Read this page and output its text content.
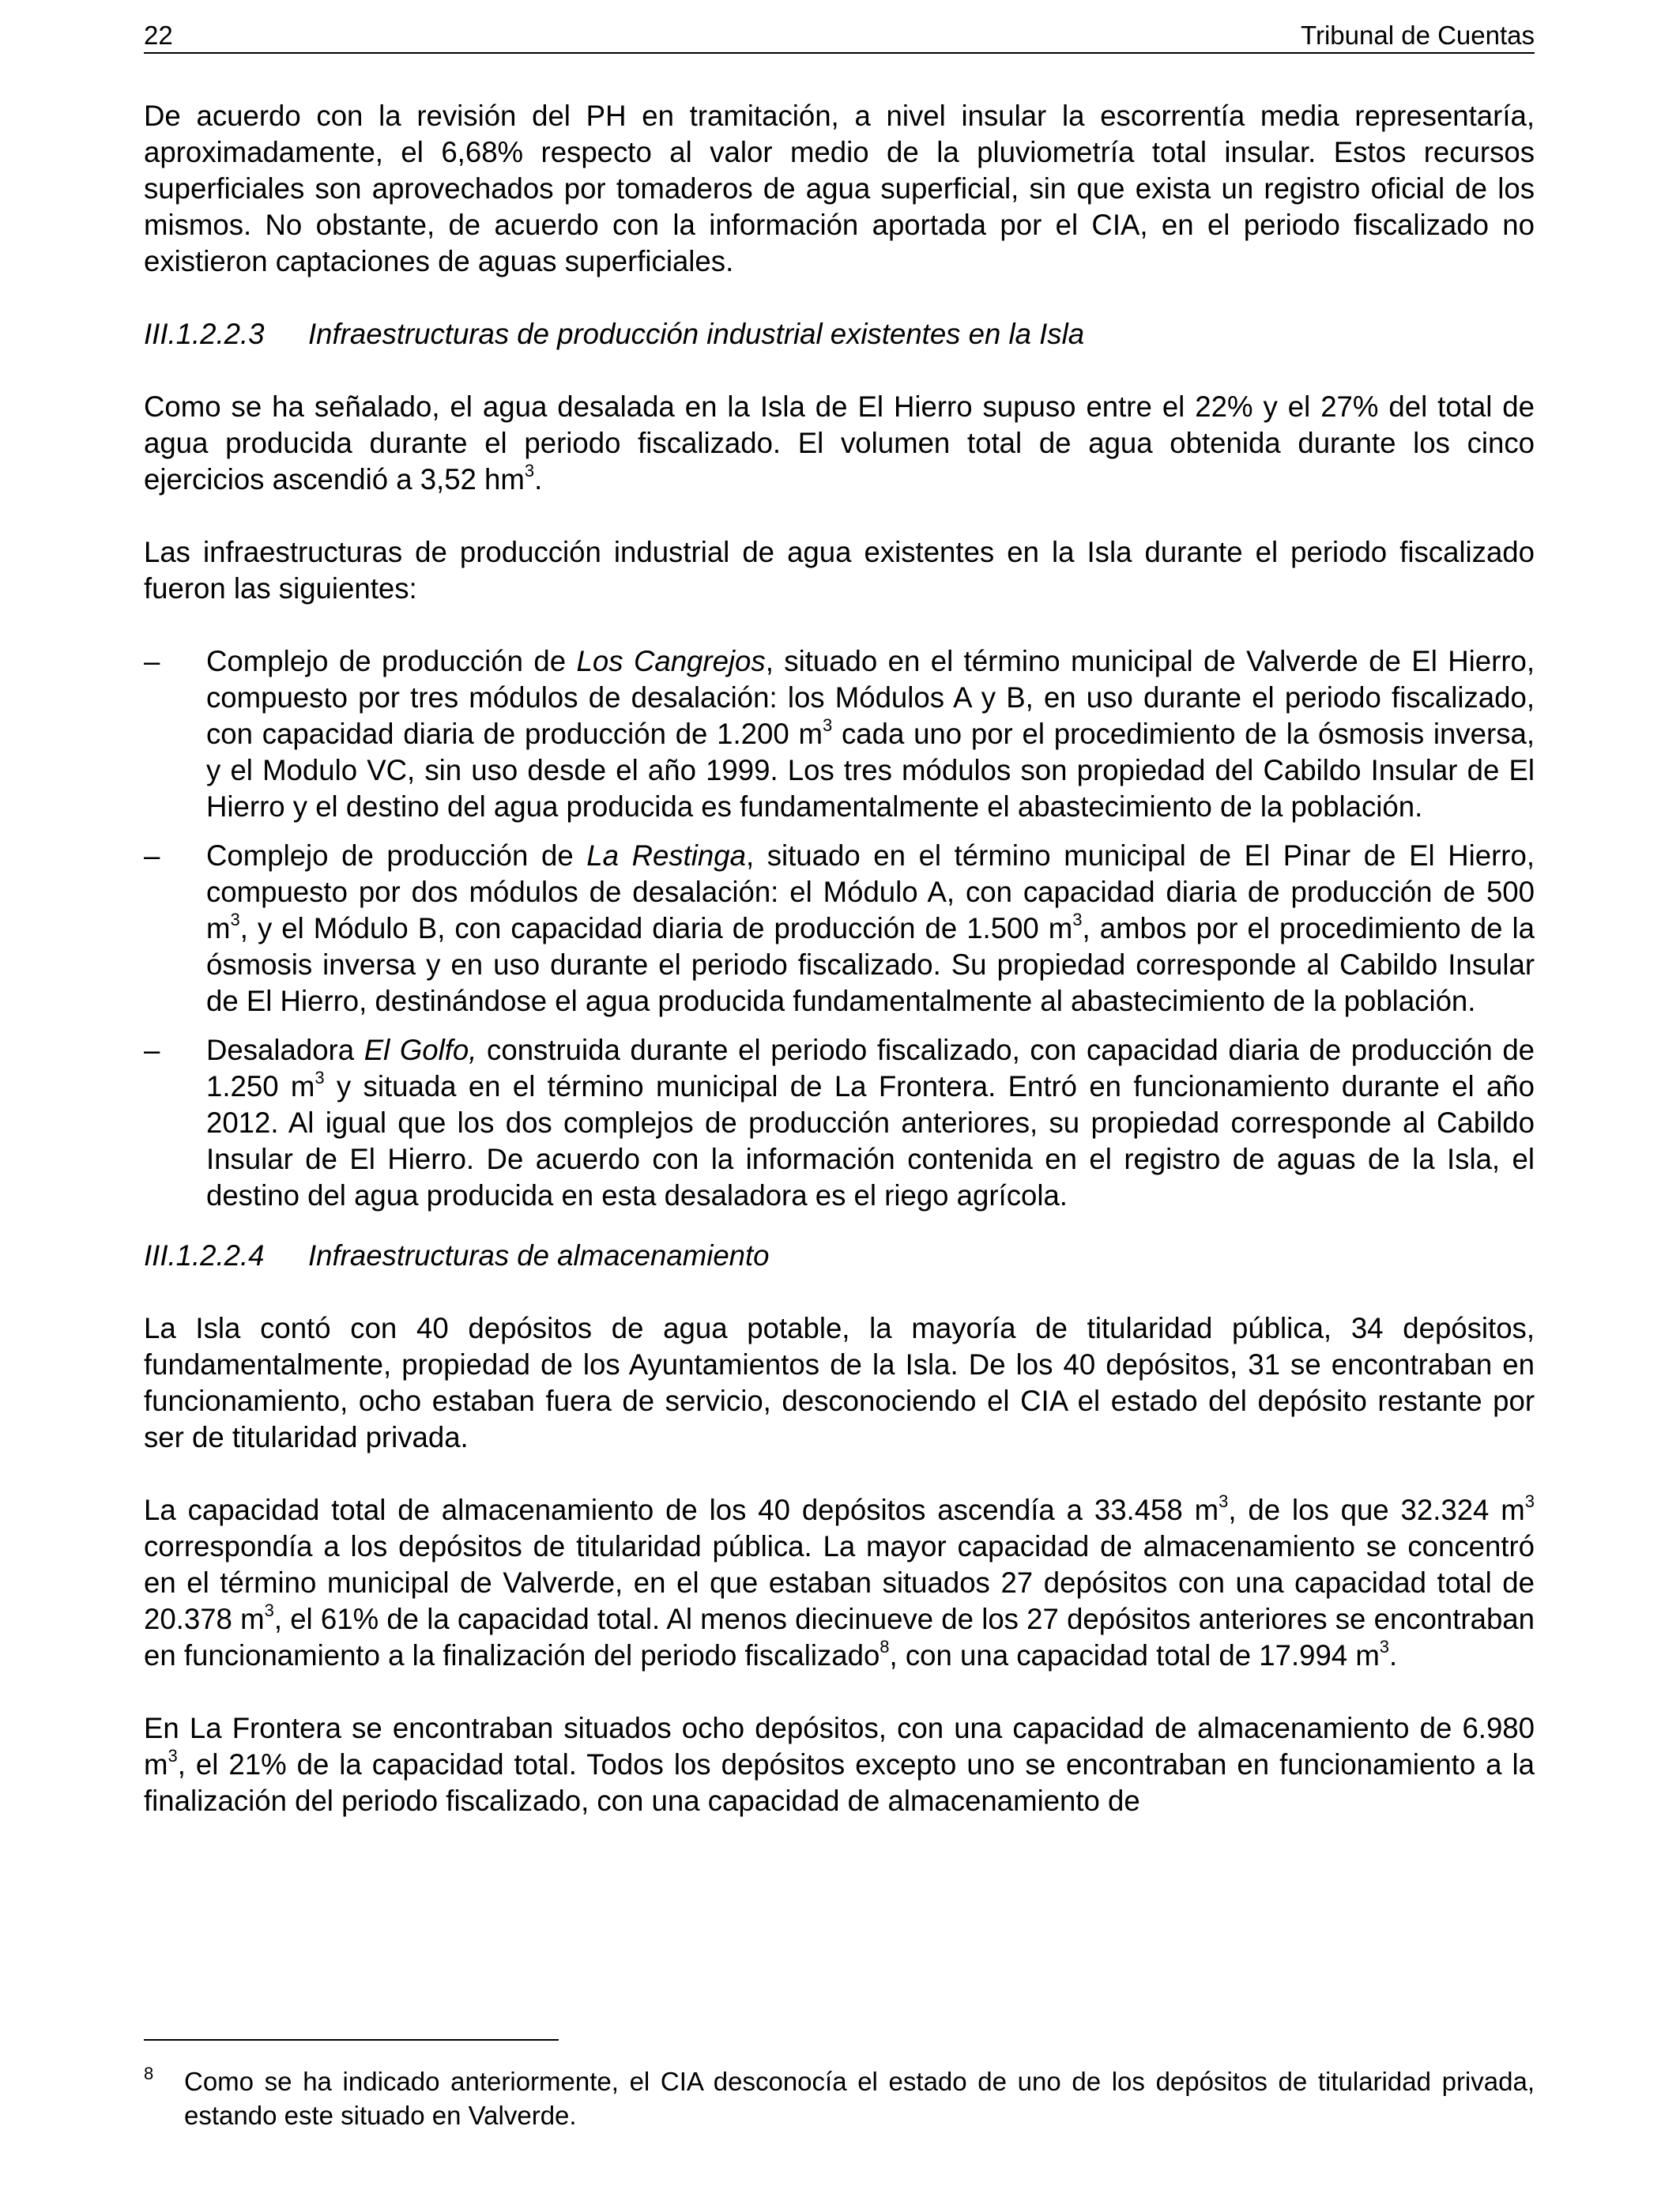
22	Tribunal de Cuentas

De acuerdo con la revisión del PH en tramitación, a nivel insular la escorrentía media representaría, aproximadamente, el 6,68% respecto al valor medio de la pluviometría total insular. Estos recursos superficiales son aprovechados por tomaderos de agua superficial, sin que exista un registro oficial de los mismos. No obstante, de acuerdo con la información aportada por el CIA, en el periodo fiscalizado no existieron captaciones de aguas superficiales.

III.1.2.2.3 Infraestructuras de producción industrial existentes en la Isla

Como se ha señalado, el agua desalada en la Isla de El Hierro supuso entre el 22% y el 27% del total de agua producida durante el periodo fiscalizado. El volumen total de agua obtenida durante los cinco ejercicios ascendió a 3,52 $hm^3$.

Las infraestructuras de producción industrial de agua existentes en la Isla durante el periodo fiscalizado fueron las siguientes:

– Complejo de producción de Los Cangrejos, situado en el término municipal de Valverde de El Hierro, compuesto por tres módulos de desalación: los Módulos A y B, en uso durante el periodo fiscalizado, con capacidad diaria de producción de 1.200 $m^3$ cada uno por el procedimiento de la ósmosis inversa, y el Modulo VC, sin uso desde el año 1999. Los tres módulos son propiedad del Cabildo Insular de El Hierro y el destino del agua producida es fundamentalmente el abastecimiento de la población.
– Complejo de producción de La Restinga, situado en el término municipal de El Pinar de El Hierro, compuesto por dos módulos de desalación: el Módulo A, con capacidad diaria de producción de 500 $m^3$, y el Módulo B, con capacidad diaria de producción de 1.500 $m^3$, ambos por el procedimiento de la ósmosis inversa y en uso durante el periodo fiscalizado. Su propiedad corresponde al Cabildo Insular de El Hierro, destinándose el agua producida fundamentalmente al abastecimiento de la población.
– Desaladora El Golfo, construida durante el periodo fiscalizado, con capacidad diaria de producción de 1.250 $m^3$ y situada en el término municipal de La Frontera. Entró en funcionamiento durante el año 2012. Al igual que los dos complejos de producción anteriores, su propiedad corresponde al Cabildo Insular de El Hierro. De acuerdo con la información contenida en el registro de aguas de la Isla, el destino del agua producida en esta desaladora es el riego agrícola.

III.1.2.2.4 Infraestructuras de almacenamiento

La Isla contó con 40 depósitos de agua potable, la mayoría de titularidad pública, 34 depósitos, fundamentalmente, propiedad de los Ayuntamientos de la Isla. De los 40 depósitos, 31 se encontraban en funcionamiento, ocho estaban fuera de servicio, desconociendo el CIA el estado del depósito restante por ser de titularidad privada.

La capacidad total de almacenamiento de los 40 depósitos ascendía a 33.458 $m^3$, de los que 32.324 $m^3$ correspondía a los depósitos de titularidad pública. La mayor capacidad de almacenamiento se concentró en el término municipal de Valverde, en el que estaban situados 27 depósitos con una capacidad total de 20.378 $m^3$, el 61% de la capacidad total. Al menos diecinueve de los 27 depósitos anteriores se encontraban en funcionamiento a la finalización del periodo fiscalizado$^8$, con una capacidad total de 17.994 $m^3$.

En La Frontera se encontraban situados ocho depósitos, con una capacidad de almacenamiento de 6.980 $m^3$, el 21% de la capacidad total. Todos los depósitos excepto uno se encontraban en funcionamiento a la finalización del periodo fiscalizado, con una capacidad de almacenamiento de

8 Como se ha indicado anteriormente, el CIA desconocía el estado de uno de los depósitos de titularidad privada, estando este situado en Valverde.
